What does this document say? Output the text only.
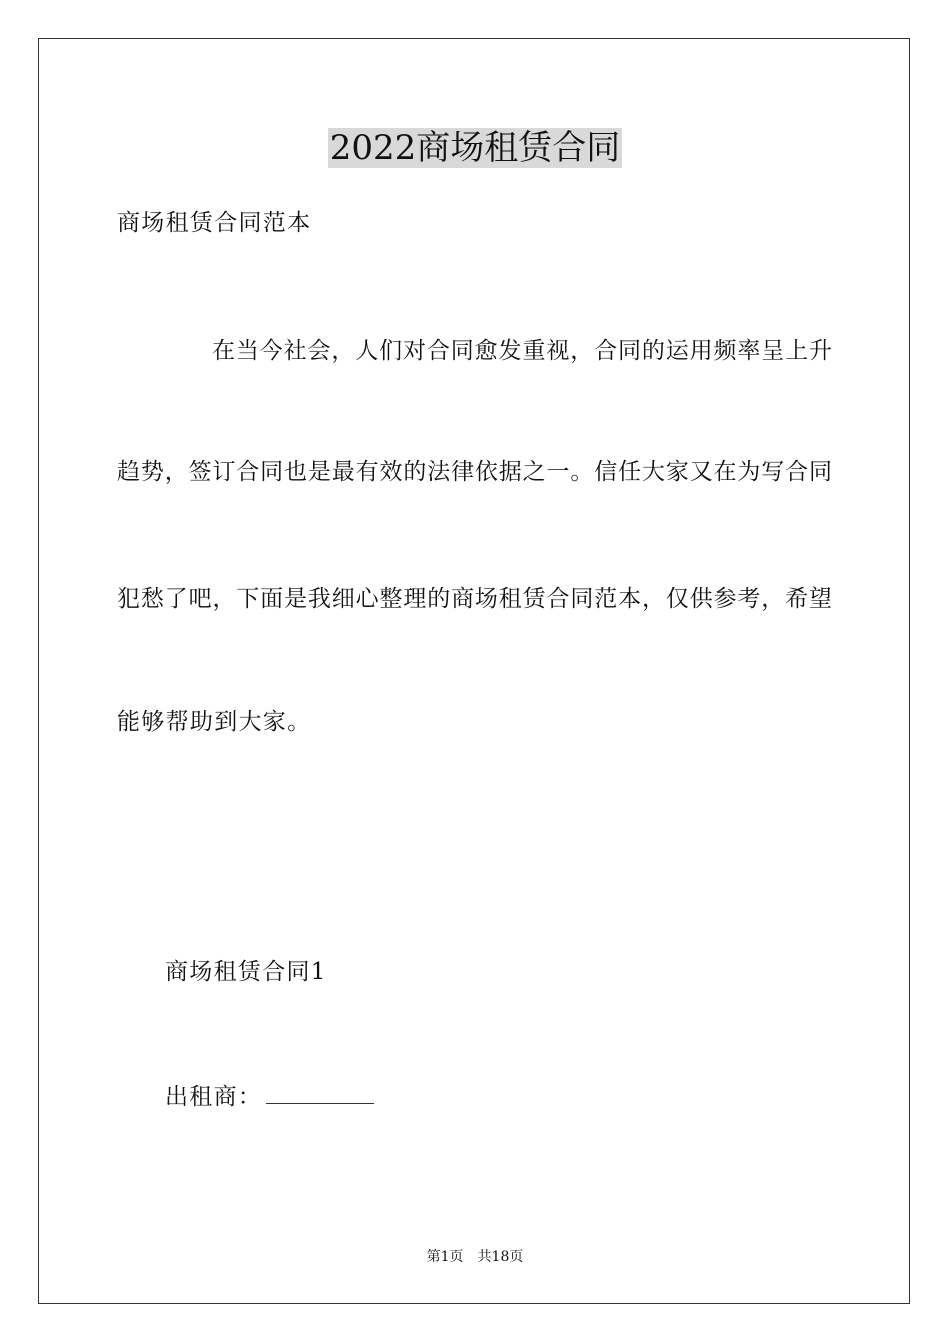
2022商场租赁合同
商场租赁合同范本
在当今社会，人们对合同愈发重视，合同的运用频率呈上升
趋势，签订合同也是最有效的法律依据之一。信任大家又在为写合同
犯愁了吧，下面是我细心整理的商场租赁合同范本，仅供参考，希望
能够帮助到大家。
商场租赁合同1
出租商：
第1页 共18页
